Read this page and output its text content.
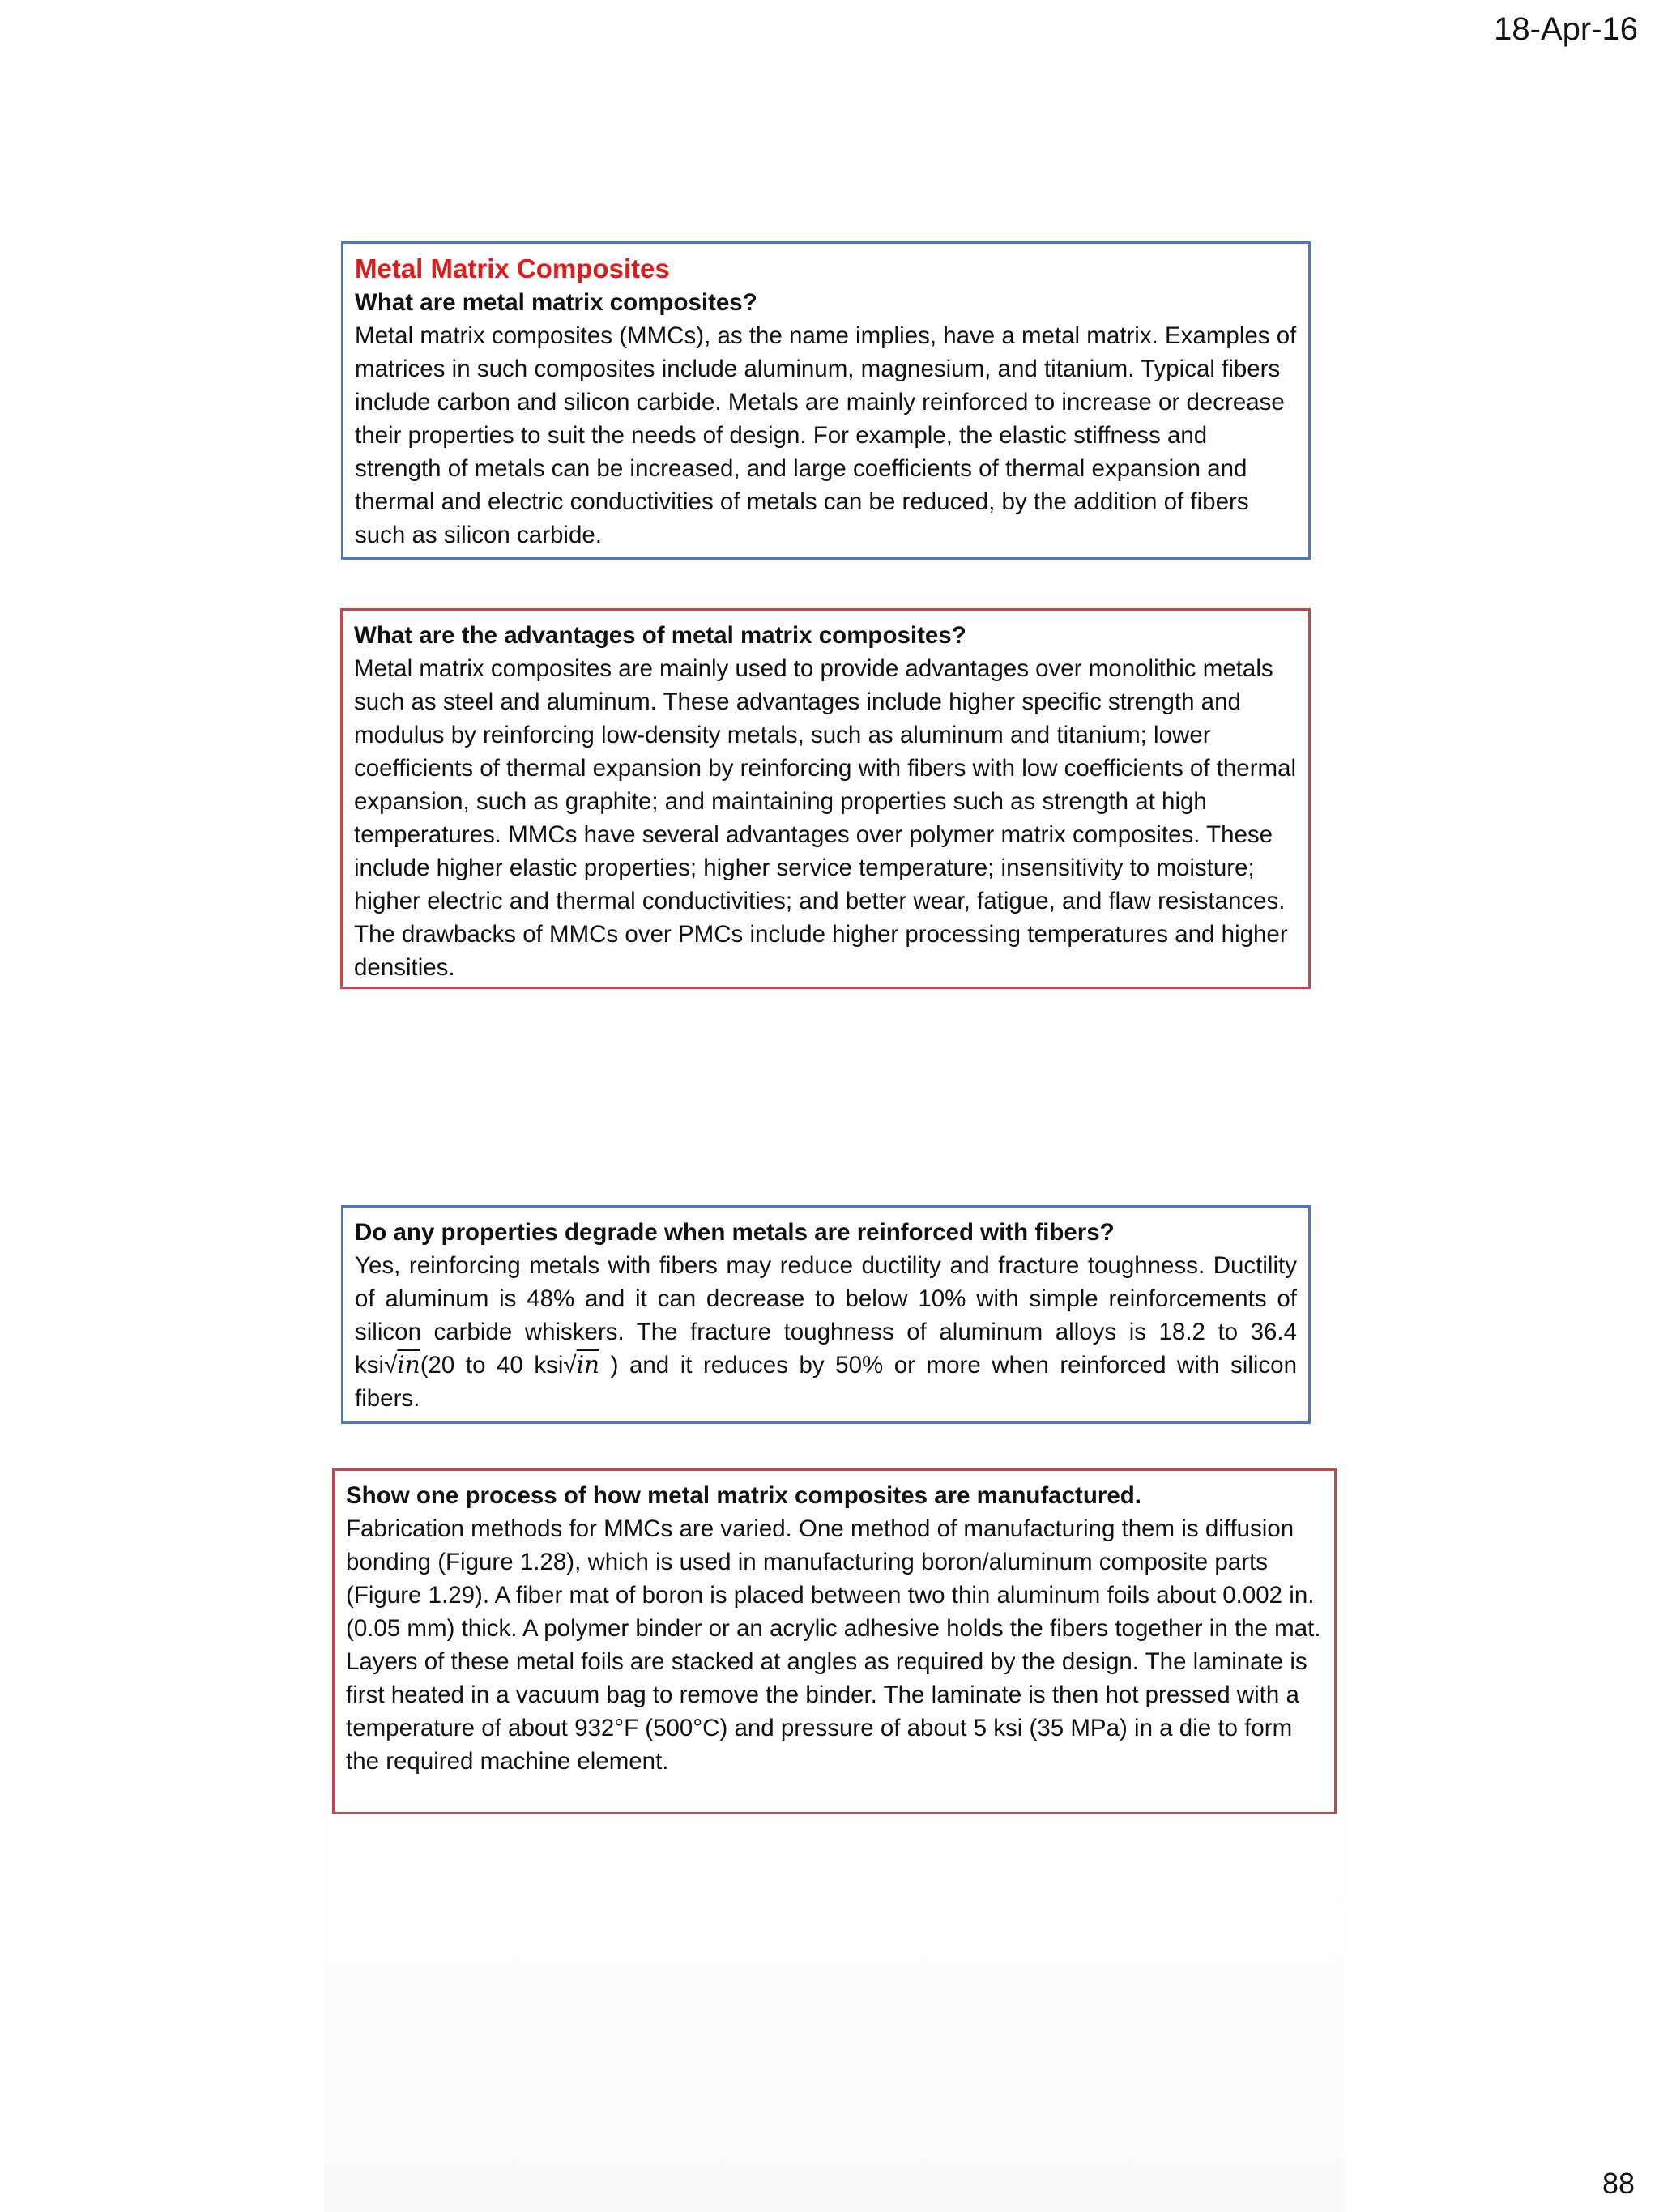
18-Apr-16
Metal Matrix Composites
What are metal matrix composites?

Metal matrix composites (MMCs), as the name implies, have a metal matrix. Examples of matrices in such composites include aluminum, magnesium, and titanium. Typical fibers include carbon and silicon carbide. Metals are mainly reinforced to increase or decrease their properties to suit the needs of design. For example, the elastic stiffness and strength of metals can be increased, and large coefficients of thermal expansion and thermal and electric conductivities of metals can be reduced, by the addition of fibers such as silicon carbide.

What are the advantages of metal matrix composites?

Metal matrix composites are mainly used to provide advantages over monolithic metals such as steel and aluminum. These advantages include higher specific strength and modulus by reinforcing low-density metals, such as aluminum and titanium; lower coefficients of thermal expansion by reinforcing with fibers with low coefficients of thermal expansion, such as graphite; and maintaining properties such as strength at high temperatures. MMCs have several advantages over polymer matrix composites. These include higher elastic properties; higher service temperature; insensitivity to moisture; higher electric and thermal conductivities; and better wear, fatigue, and flaw resistances. The drawbacks of MMCs over PMCs include higher processing temperatures and higher densities.

Do any properties degrade when metals are reinforced with fibers?

Yes, reinforcing metals with fibers may reduce ductility and fracture toughness. Ductility of aluminum is 48% and it can decrease to below 10% with simple reinforcements of silicon carbide whiskers. The fracture toughness of aluminum alloys is 18.2 to 36.4 ksi√in(20 to 40 ksi√in ) and it reduces by 50% or more when reinforced with silicon fibers.

Show one process of how metal matrix composites are manufactured.

Fabrication methods for MMCs are varied. One method of manufacturing them is diffusion bonding (Figure 1.28), which is used in manufacturing boron/aluminum composite parts (Figure 1.29). A fiber mat of boron is placed between two thin aluminum foils about 0.002 in. (0.05 mm) thick. A polymer binder or an acrylic adhesive holds the fibers together in the mat. Layers of these metal foils are stacked at angles as required by the design. The laminate is first heated in a vacuum bag to remove the binder. The laminate is then hot pressed with a temperature of about 932°F (500°C) and pressure of about 5 ksi (35 MPa) in a die to form the required machine element.

88
